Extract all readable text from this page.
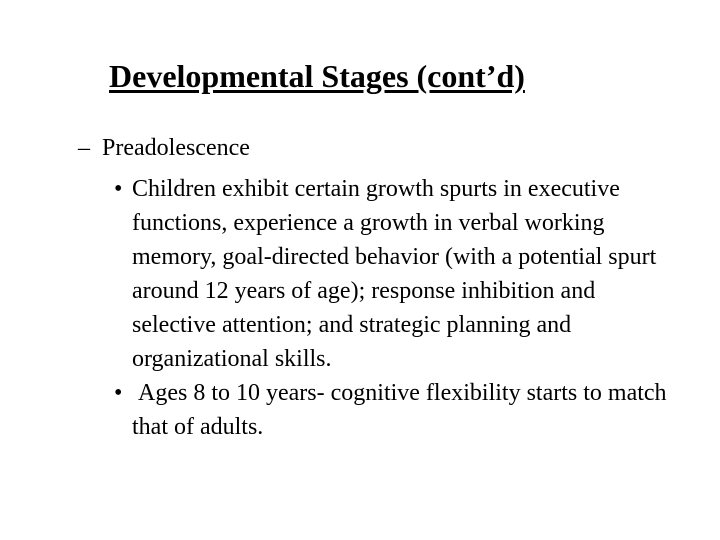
Developmental Stages (cont’d)
– Preadolescence
• Children exhibit certain growth spurts in executive functions, experience a growth in verbal working memory, goal-directed behavior (with a potential spurt around 12 years of age); response inhibition and selective attention; and strategic planning and organizational skills.
• Ages 8 to 10 years- cognitive flexibility starts to match that of adults.
